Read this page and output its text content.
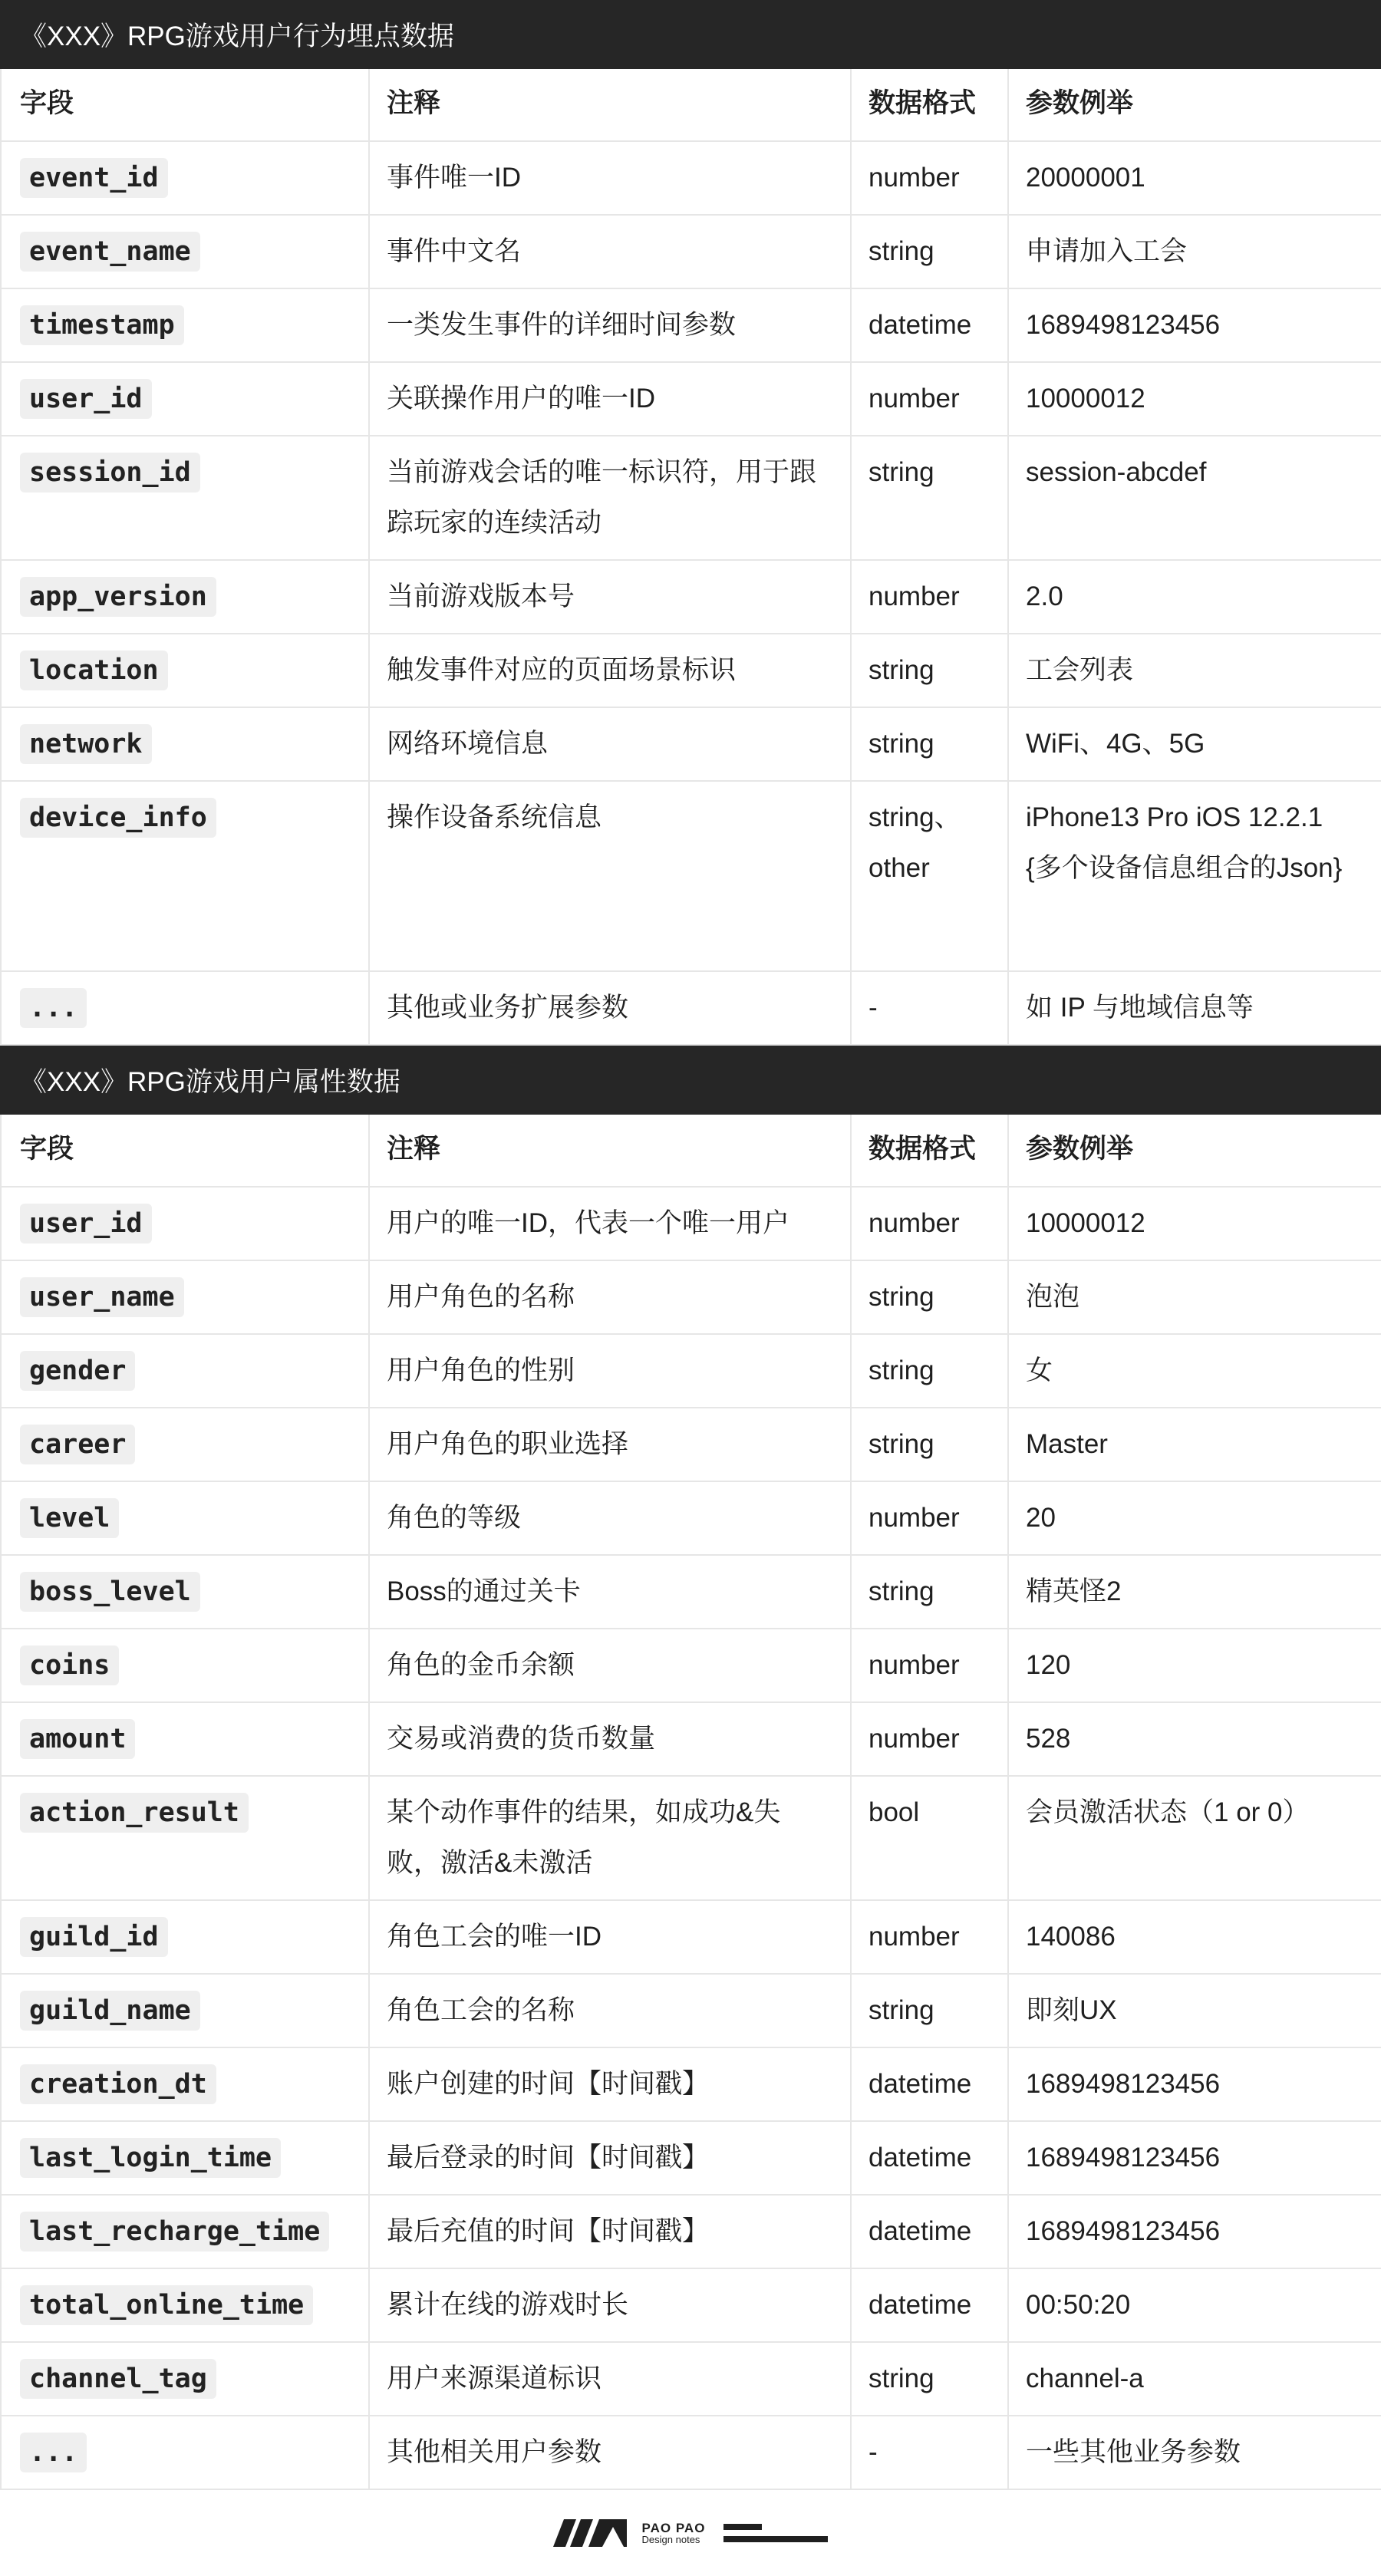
《XXX》RPG游戏用户行为埋点数据
字段	注释	数据格式	参数例举
event_id	事件唯一ID	number	20000001
event_name	事件中文名	string	申请加入工会
timestamp	一类发生事件的详细时间参数	datetime	1689498123456
user_id	关联操作用户的唯一ID	number	10000012
session_id	当前游戏会话的唯一标识符，用于跟踪玩家的连续活动	string	session-abcdef
app_version	当前游戏版本号	number	2.0
location	触发事件对应的页面场景标识	string	工会列表
network	网络环境信息	string	WiFi、4G、5G
device_info	操作设备系统信息	string、other	iPhone13 Pro iOS 12.2.1 {多个设备信息组合的Json}
...	其他或业务扩展参数	-	如 IP 与地域信息等
《XXX》RPG游戏用户属性数据
字段	注释	数据格式	参数例举
user_id	用户的唯一ID，代表一个唯一用户	number	10000012
user_name	用户角色的名称	string	泡泡
gender	用户角色的性别	string	女
career	用户角色的职业选择	string	Master
level	角色的等级	number	20
boss_level	Boss的通过关卡	string	精英怪2
coins	角色的金币余额	number	120
amount	交易或消费的货币数量	number	528
action_result	某个动作事件的结果，如成功&失败，激活&未激活	bool	会员激活状态（1 or 0）
guild_id	角色工会的唯一ID	number	140086
guild_name	角色工会的名称	string	即刻UX
creation_dt	账户创建的时间【时间戳】	datetime	1689498123456
last_login_time	最后登录的时间【时间戳】	datetime	1689498123456
last_recharge_time	最后充值的时间【时间戳】	datetime	1689498123456
total_online_time	累计在线的游戏时长	datetime	00:50:20
channel_tag	用户来源渠道标识	string	channel-a
...	其他相关用户参数	-	一些其他业务参数
PAO PAO
Design notes
